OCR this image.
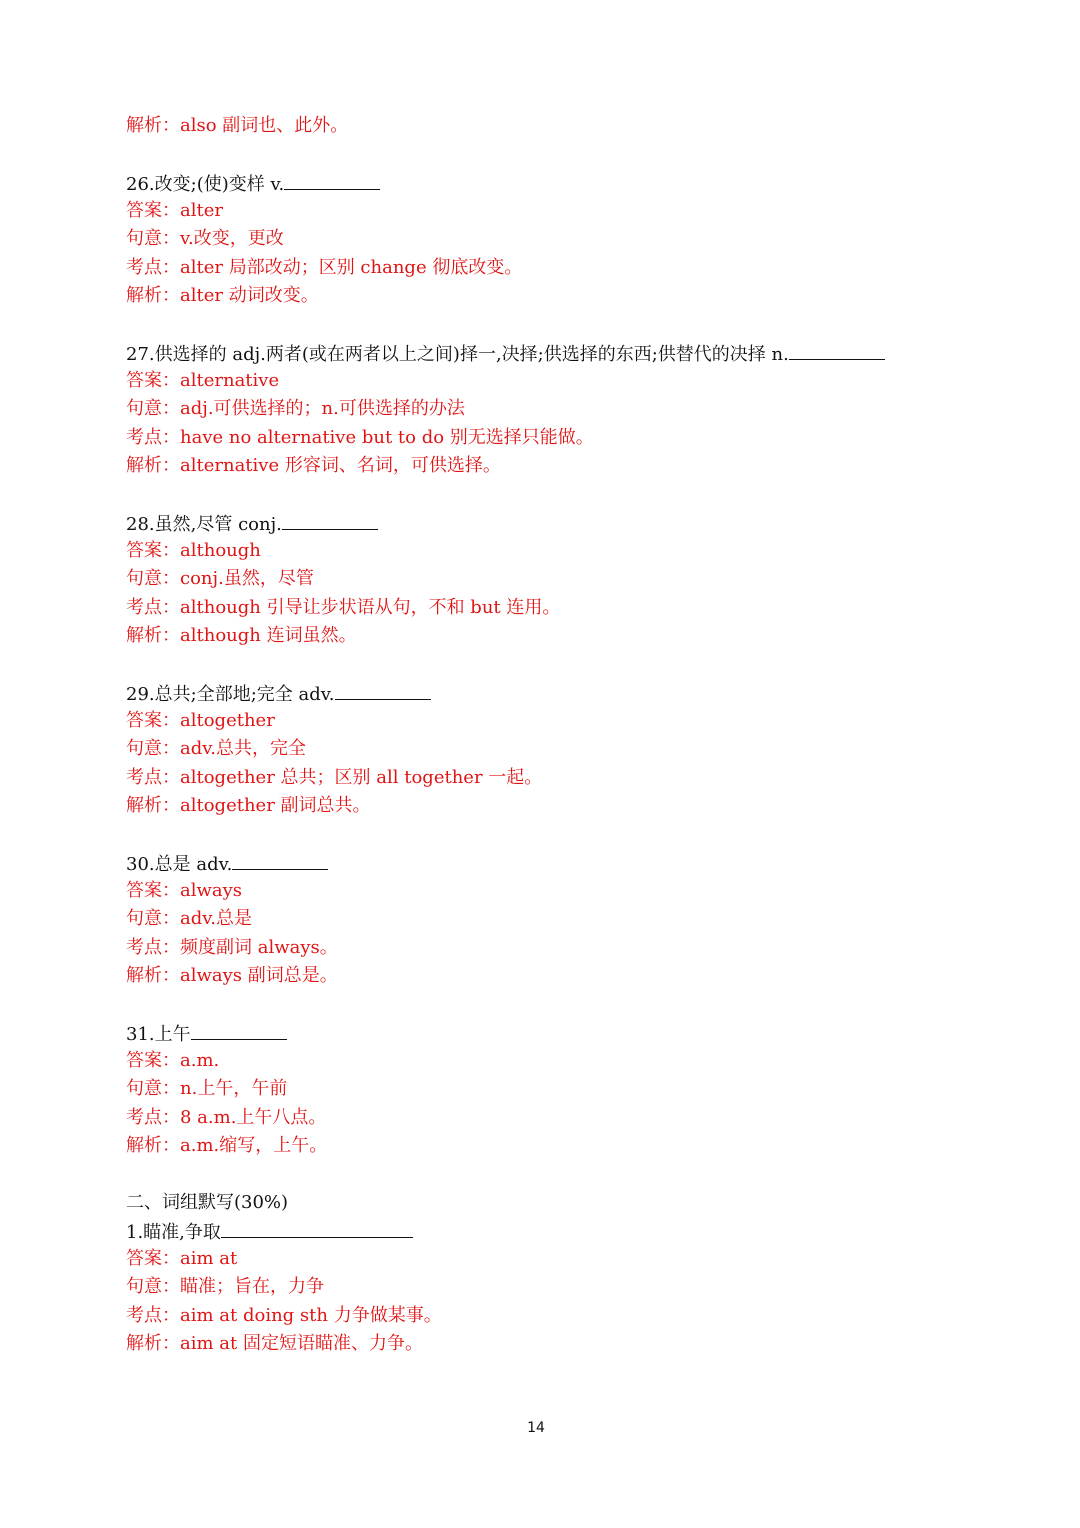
解析：also 副词也、此外。
26.改变;(使)变样 v.
答案：alter
句意：v.改变，更改
考点：alter 局部改动；区别 change 彻底改变。
解析：alter 动词改变。
27.供选择的 adj.两者(或在两者以上之间)择一,决择;供选择的东西;供替代的决择 n.
答案：alternative
句意：adj.可供选择的；n.可供选择的办法
考点：have no alternative but to do 别无选择只能做。
解析：alternative 形容词、名词，可供选择。
28.虽然,尽管 conj.
答案：although
句意：conj.虽然，尽管
考点：although 引导让步状语从句，不和 but 连用。
解析：although 连词虽然。
29.总共;全部地;完全 adv.
答案：altogether
句意：adv.总共，完全
考点：altogether 总共；区别 all together 一起。
解析：altogether 副词总共。
30.总是 adv.
答案：always
句意：adv.总是
考点：频度副词 always。
解析：always 副词总是。
31.上午
答案：a.m.
句意：n.上午，午前
考点：8 a.m.上午八点。
解析：a.m.缩写，上午。
二、词组默写(30%)
1.瞄准,争取
答案：aim at
句意：瞄准；旨在，力争
考点：aim at doing sth 力争做某事。
解析：aim at 固定短语瞄准、力争。
14
